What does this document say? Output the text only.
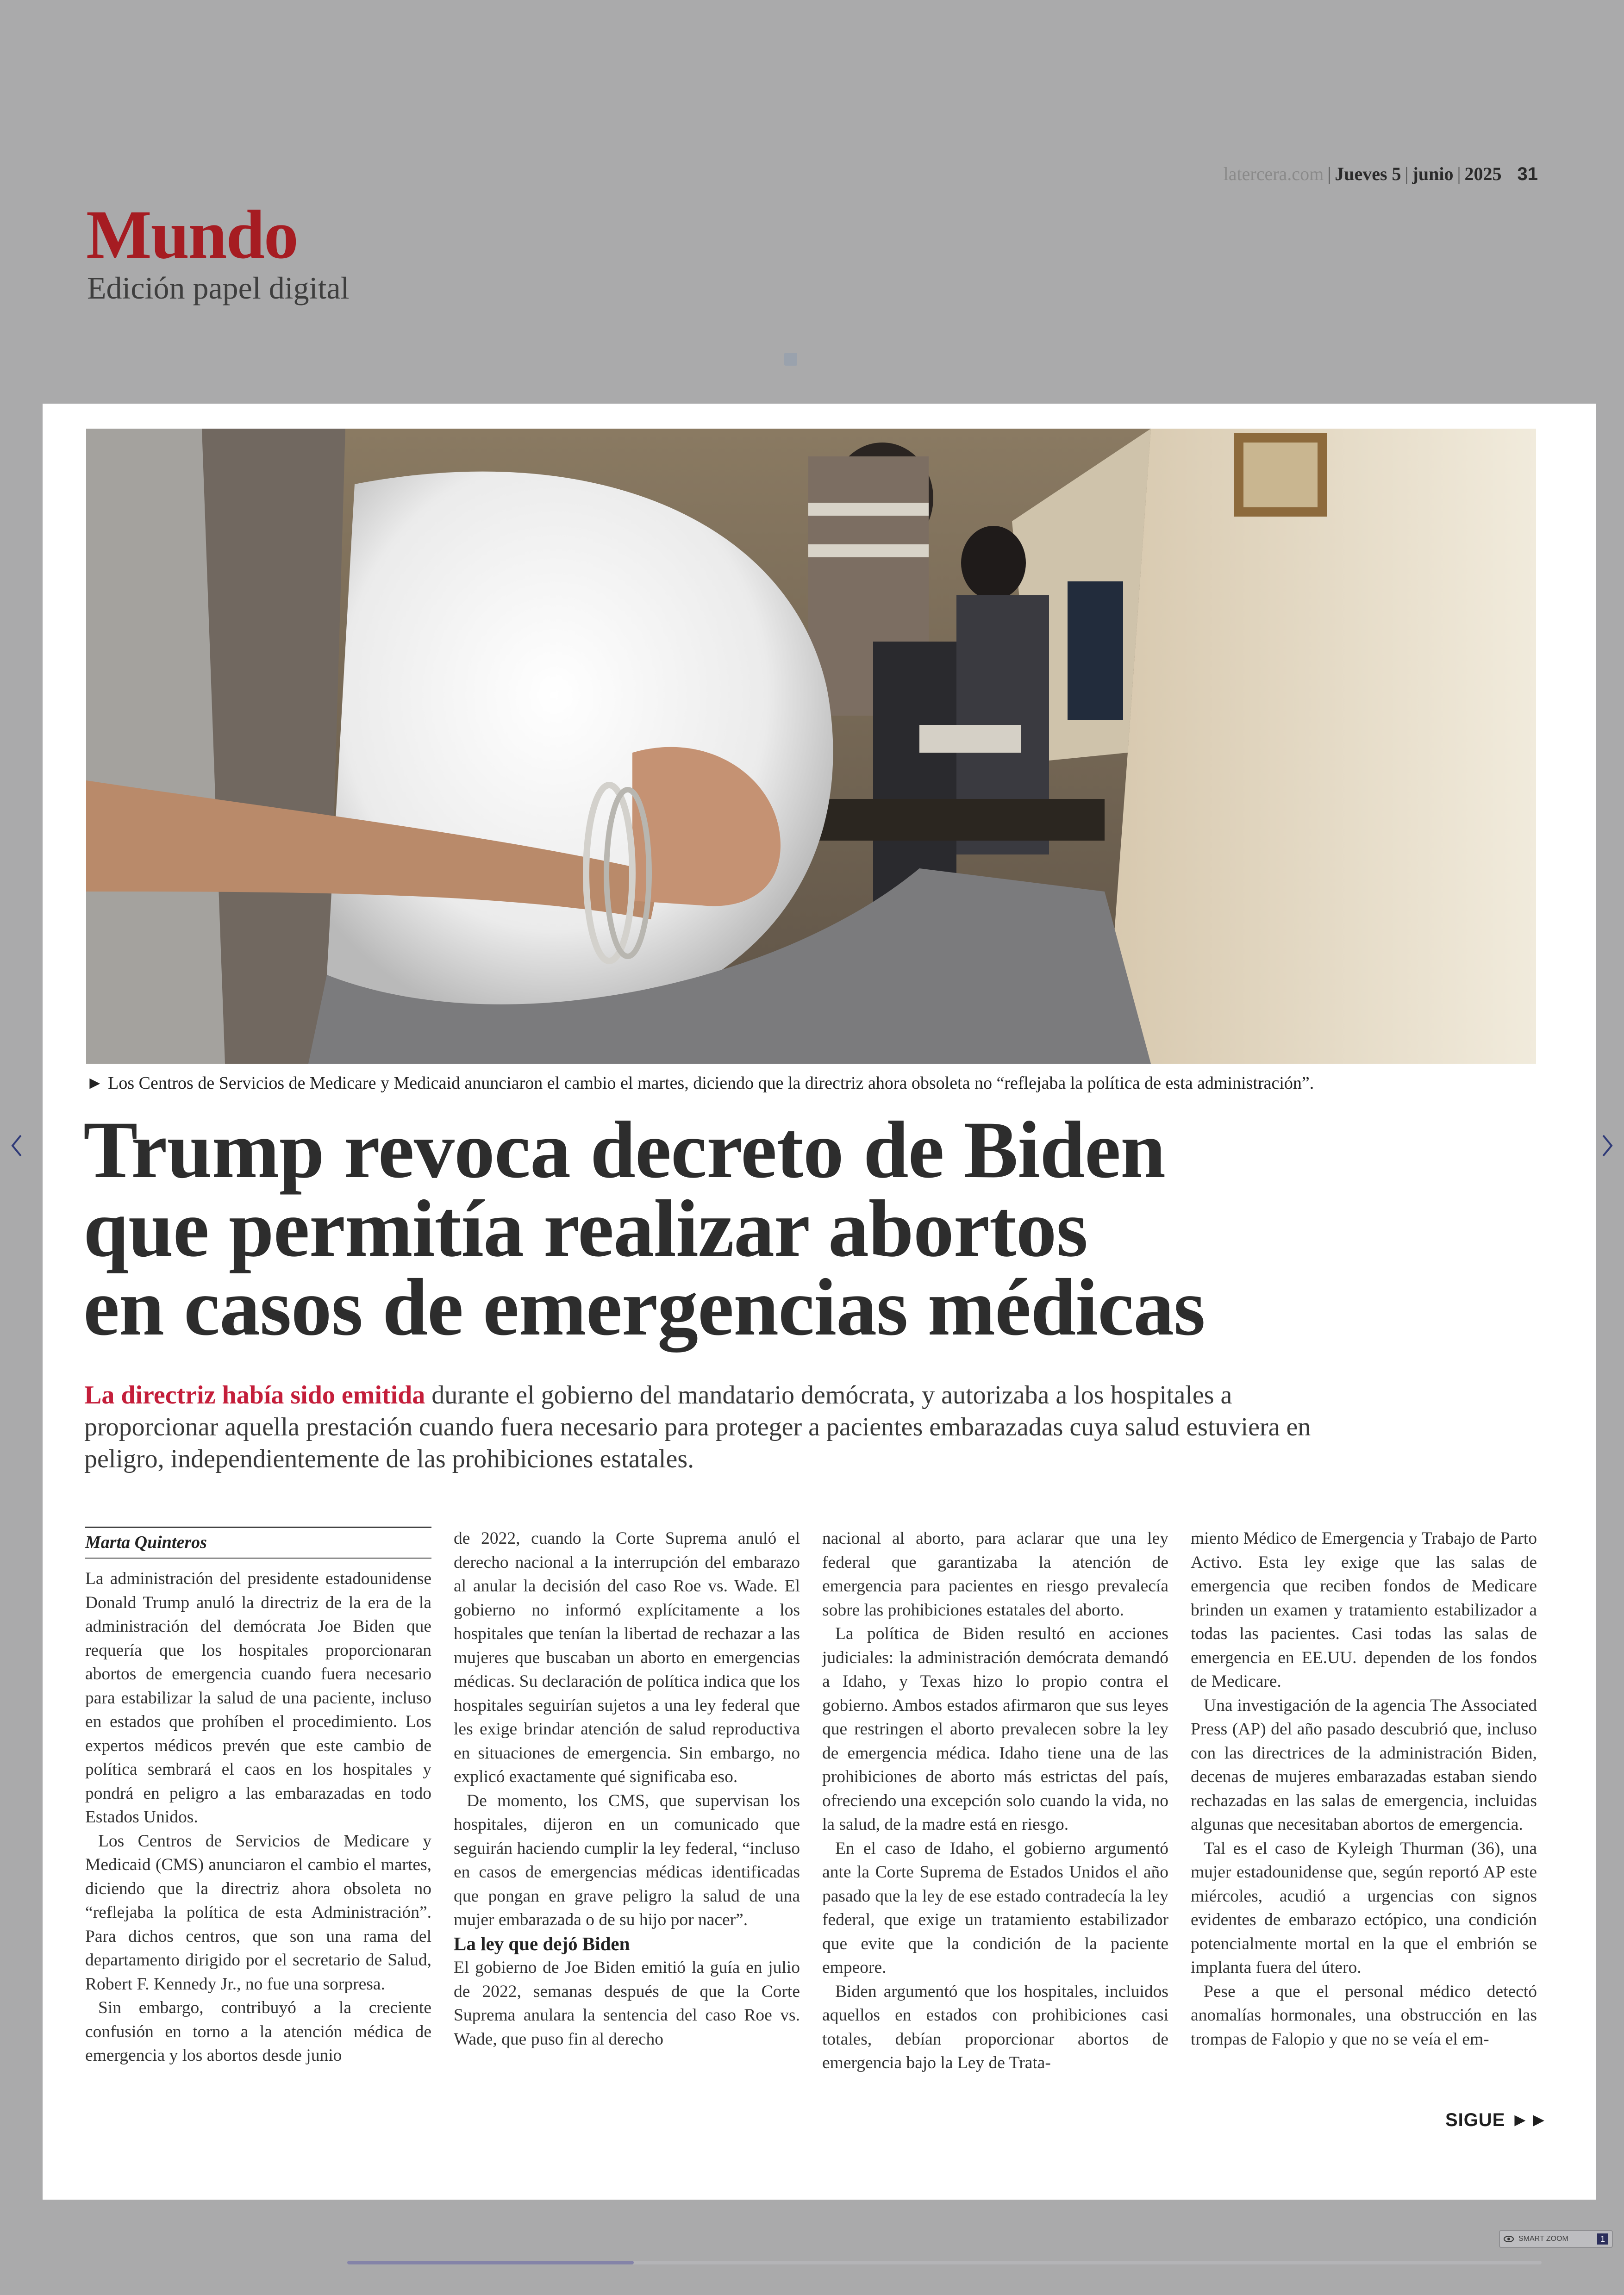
latercera.com | Jueves 5 | junio | 2025 31
Mundo
Edición papel digital
► Los Centros de Servicios de Medicare y Medicaid anunciaron el cambio el martes, diciendo que la directriz ahora obsoleta no “reflejaba la política de esta administración”.
Trump revoca decreto de Biden
que permitía realizar abortos
en casos de emergencias médicas
La directriz había sido emitida durante el gobierno del mandatario demócrata, y autorizaba a los hospitales a proporcionar aquella prestación cuando fuera necesario para proteger a pacientes embarazadas cuya salud estuviera en peligro, independientemente de las prohibiciones estatales.
Marta Quinteros

La administración del presidente estadounidense Donald Trump anuló la directriz de la era de la administración del demócrata Joe Biden que requería que los hospitales proporcionaran abortos de emergencia cuando fuera necesario para estabilizar la salud de una paciente, incluso en estados que prohíben el procedimiento. Los expertos médicos prevén que este cambio de política sembrará el caos en los hospitales y pondrá en peligro a las embarazadas en todo Estados Unidos.

Los Centros de Servicios de Medicare y Medicaid (CMS) anunciaron el cambio el martes, diciendo que la directriz ahora obsoleta no “reflejaba la política de esta Administración”. Para dichos centros, que son una rama del departamento dirigido por el secretario de Salud, Robert F. Kennedy Jr., no fue una sorpresa.

Sin embargo, contribuyó a la creciente confusión en torno a la atención médica de emergencia y los abortos desde junio

de 2022, cuando la Corte Suprema anuló el derecho nacional a la interrupción del embarazo al anular la decisión del caso Roe vs. Wade. El gobierno no informó explícitamente a los hospitales que tenían la libertad de rechazar a las mujeres que buscaban un aborto en emergencias médicas. Su declaración de política indica que los hospitales seguirían sujetos a una ley federal que les exige brindar atención de salud reproductiva en situaciones de emergencia. Sin embargo, no explicó exactamente qué significaba eso.

De momento, los CMS, que supervisan los hospitales, dijeron en un comunicado que seguirán haciendo cumplir la ley federal, “incluso en casos de emergencias médicas identificadas que pongan en grave peligro la salud de una mujer embarazada o de su hijo por nacer”.

La ley que dejó Biden

El gobierno de Joe Biden emitió la guía en julio de 2022, semanas después de que la Corte Suprema anulara la sentencia del caso Roe vs. Wade, que puso fin al derecho

nacional al aborto, para aclarar que una ley federal que garantizaba la atención de emergencia para pacientes en riesgo prevalecía sobre las prohibiciones estatales del aborto.

La política de Biden resultó en acciones judiciales: la administración demócrata demandó a Idaho, y Texas hizo lo propio contra el gobierno. Ambos estados afirmaron que sus leyes que restringen el aborto prevalecen sobre la ley de emergencia médica. Idaho tiene una de las prohibiciones de aborto más estrictas del país, ofreciendo una excepción solo cuando la vida, no la salud, de la madre está en riesgo.

En el caso de Idaho, el gobierno argumentó ante la Corte Suprema de Estados Unidos el año pasado que la ley de ese estado contradecía la ley federal, que exige un tratamiento estabilizador que evite que la condición de la paciente empeore.

Biden argumentó que los hospitales, incluidos aquellos en estados con prohibiciones casi totales, debían proporcionar abortos de emergencia bajo la Ley de Trata-

miento Médico de Emergencia y Trabajo de Parto Activo. Esta ley exige que las salas de emergencia que reciben fondos de Medicare brinden un examen y tratamiento estabilizador a todas las pacientes. Casi todas las salas de emergencia en EE.UU. dependen de los fondos de Medicare.

Una investigación de la agencia The Associated Press (AP) del año pasado descubrió que, incluso con las directrices de la administración Biden, decenas de mujeres embarazadas estaban siendo rechazadas en las salas de emergencia, incluidas algunas que necesitaban abortos de emergencia.

Tal es el caso de Kyleigh Thurman (36), una mujer estadounidense que, según reportó AP este miércoles, acudió a urgencias con signos evidentes de embarazo ectópico, una condición potencialmente mortal en la que el embrión se implanta fuera del útero.

Pese a que el personal médico detectó anomalías hormonales, una obstrucción en las trompas de Falopio y que no se veía el em-

SIGUE ►►
SMART ZOOM	1
